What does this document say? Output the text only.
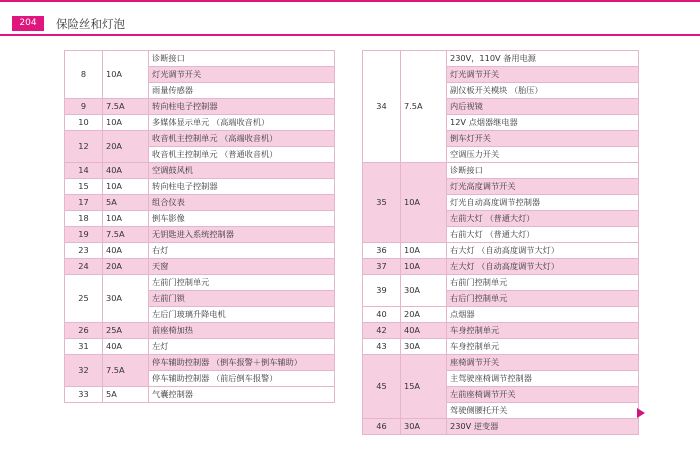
204	保险丝和灯泡
8	10A	诊断接口
		灯光调节开关
		雨量传感器
9	7.5A	转向柱电子控制器
10	10A	多媒体显示单元 （高端收音机）
12	20A	收音机主控制单元 （高端收音机）
		收音机主控制单元 （普通收音机）
14	40A	空调鼓风机
15	10A	转向柱电子控制器
17	5A	组合仪表
18	10A	倒车影像
19	7.5A	无钥匙进入系统控制器
23	40A	右灯
24	20A	天窗
25	30A	左前门控制单元
		左前门锁
		左后门玻璃升降电机
26	25A	前座椅加热
31	40A	左灯
32	7.5A	停车辅助控制器 （倒车报警＋倒车辅助）
		停车辅助控制器 （前后倒车报警）
33	5A	气囊控制器
34	7.5A	230V，110V 备用电源
		灯光调节开关
		副仪板开关模块 （胎压）
		内后视镜
		12V 点烟器继电器
		倒车灯开关
		空调压力开关
35	10A	诊断接口
		灯光高度调节开关
		灯光自动高度调节控制器
		左前大灯 （普通大灯）
		右前大灯 （普通大灯）
36	10A	右大灯 （自动高度调节大灯）
37	10A	左大灯 （自动高度调节大灯）
39	30A	右前门控制单元
		右后门控制单元
40	20A	点烟器
42	40A	车身控制单元
43	30A	车身控制单元
45	15A	座椅调节开关
		主驾驶座椅调节控制器
		左前座椅调节开关
		驾驶侧腰托开关
46	30A	230V 逆变器
